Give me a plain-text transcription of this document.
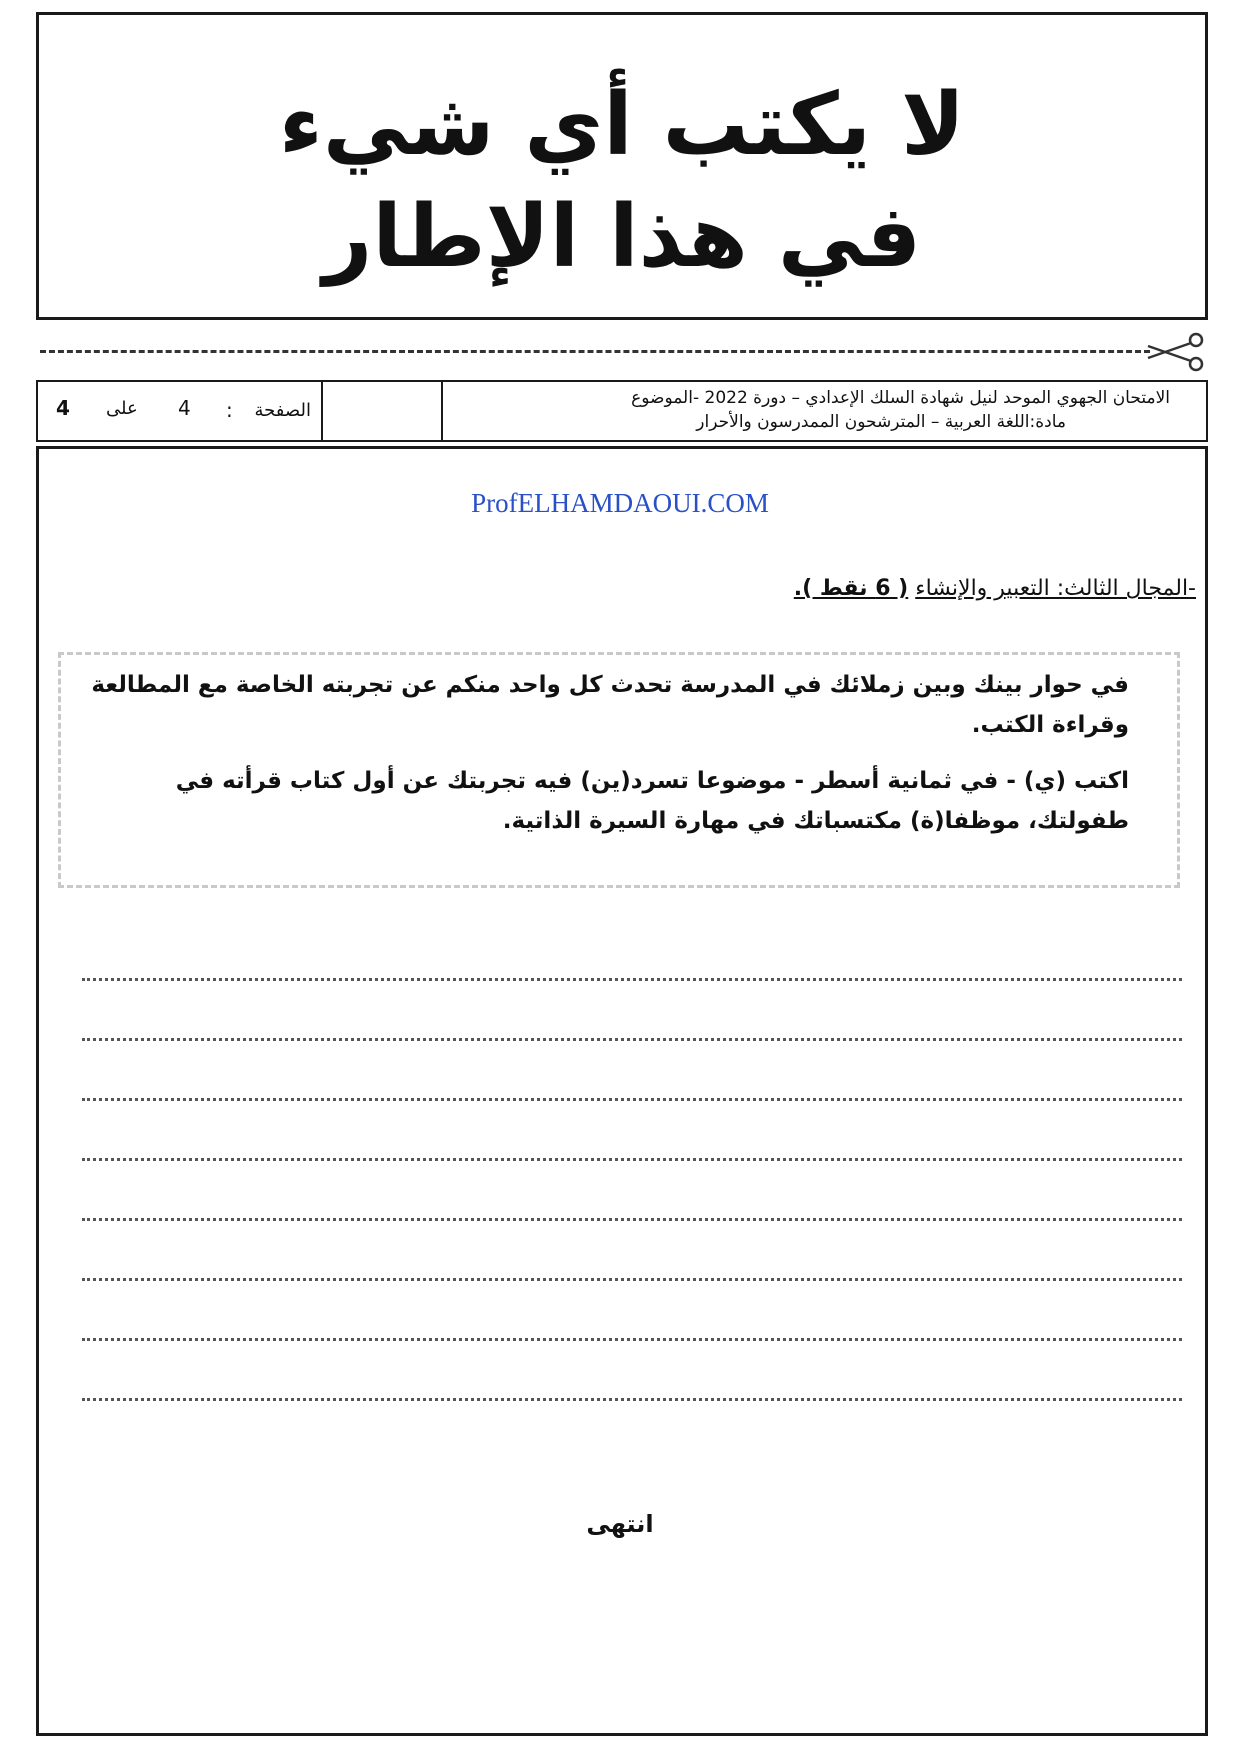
لا يكتب أي شيء
في هذا الإطار
الصفحة
:
4
على
4	الامتحان الجهوي الموحد لنيل شهادة السلك الإعدادي – دورة 2022 -الموضوع
مادة:اللغة العربية – المترشحون الممدرسون والأحرار
ProfELHAMDAOUI.COM
-المجال الثالث: التعبير والإنشاء ( 6 نقط ).
في حوار بينك وبين زملائك في المدرسة تحدث كل واحد منكم عن تجربته الخاصة مع المطالعة وقراءة الكتب.
اكتب (ي) - في ثمانية أسطر - موضوعا تسرد(ين) فيه تجربتك عن أول كتاب قرأته في طفولتك، موظفا(ة) مكتسباتك في مهارة السيرة الذاتية.
انتهى
